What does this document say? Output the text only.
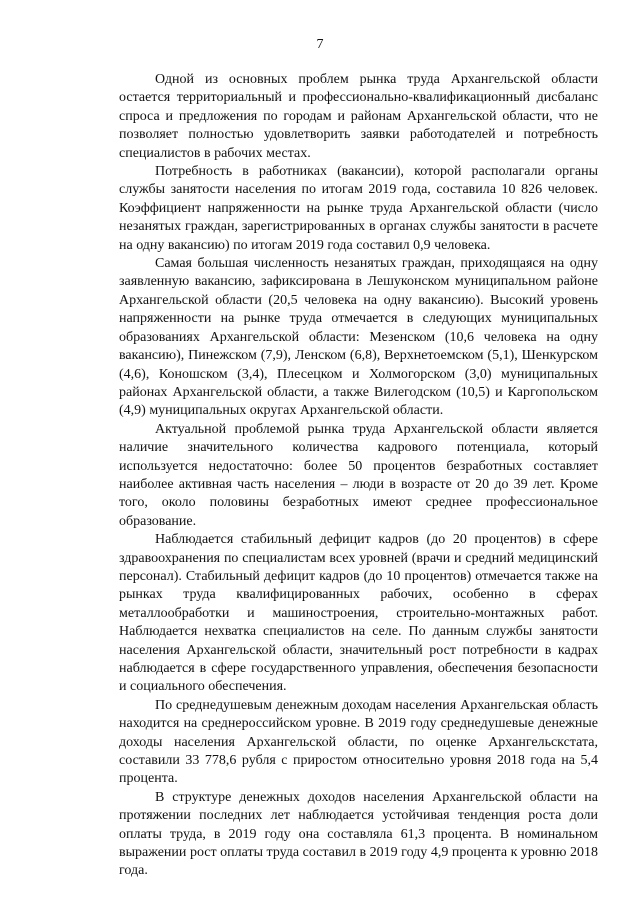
7

Одной из основных проблем рынка труда Архангельской области остается территориальный и профессионально-квалификационный дисбаланс спроса и предложения по городам и районам Архангельской области, что не позволяет полностью удовлетворить заявки работодателей и потребность специалистов в рабочих местах.

Потребность в работниках (вакансии), которой располагали органы службы занятости населения по итогам 2019 года, составила 10 826 человек. Коэффициент напряженности на рынке труда Архангельской области (число незанятых граждан, зарегистрированных в органах службы занятости в расчете на одну вакансию) по итогам 2019 года составил 0,9 человека.

Самая большая численность незанятых граждан, приходящаяся на одну заявленную вакансию, зафиксирована в Лешуконском муниципальном районе Архангельской области (20,5 человека на одну вакансию). Высокий уровень напряженности на рынке труда отмечается в следующих муниципальных образованиях Архангельской области: Мезенском (10,6 человека на одну вакансию), Пинежском (7,9), Ленском (6,8), Верхнетоемском (5,1), Шенкурском (4,6), Коношском (3,4), Плесецком и Холмогорском (3,0) муниципальных районах Архангельской области, а также Вилегодском (10,5) и Каргопольском (4,9) муниципальных округах Архангельской области.

Актуальной проблемой рынка труда Архангельской области является наличие значительного количества кадрового потенциала, который используется недостаточно: более 50 процентов безработных составляет наиболее активная часть населения – люди в возрасте от 20 до 39 лет. Кроме того, около половины безработных имеют среднее профессиональное образование.

Наблюдается стабильный дефицит кадров (до 20 процентов) в сфере здравоохранения по специалистам всех уровней (врачи и средний медицинский персонал). Стабильный дефицит кадров (до 10 процентов) отмечается также на рынках труда квалифицированных рабочих, особенно в сферах металлообработки и машиностроения, строительно-монтажных работ. Наблюдается нехватка специалистов на селе. По данным службы занятости населения Архангельской области, значительный рост потребности в кадрах наблюдается в сфере государственного управления, обеспечения безопасности и социального обеспечения.

По среднедушевым денежным доходам населения Архангельская область находится на среднероссийском уровне. В 2019 году среднедушевые денежные доходы населения Архангельской области, по оценке Архангельскстата, составили 33 778,6 рубля с приростом относительно уровня 2018 года на 5,4 процента.

В структуре денежных доходов населения Архангельской области на протяжении последних лет наблюдается устойчивая тенденция роста доли оплаты труда, в 2019 году она составляла 61,3 процента. В номинальном выражении рост оплаты труда составил в 2019 году 4,9 процента к уровню 2018 года.
